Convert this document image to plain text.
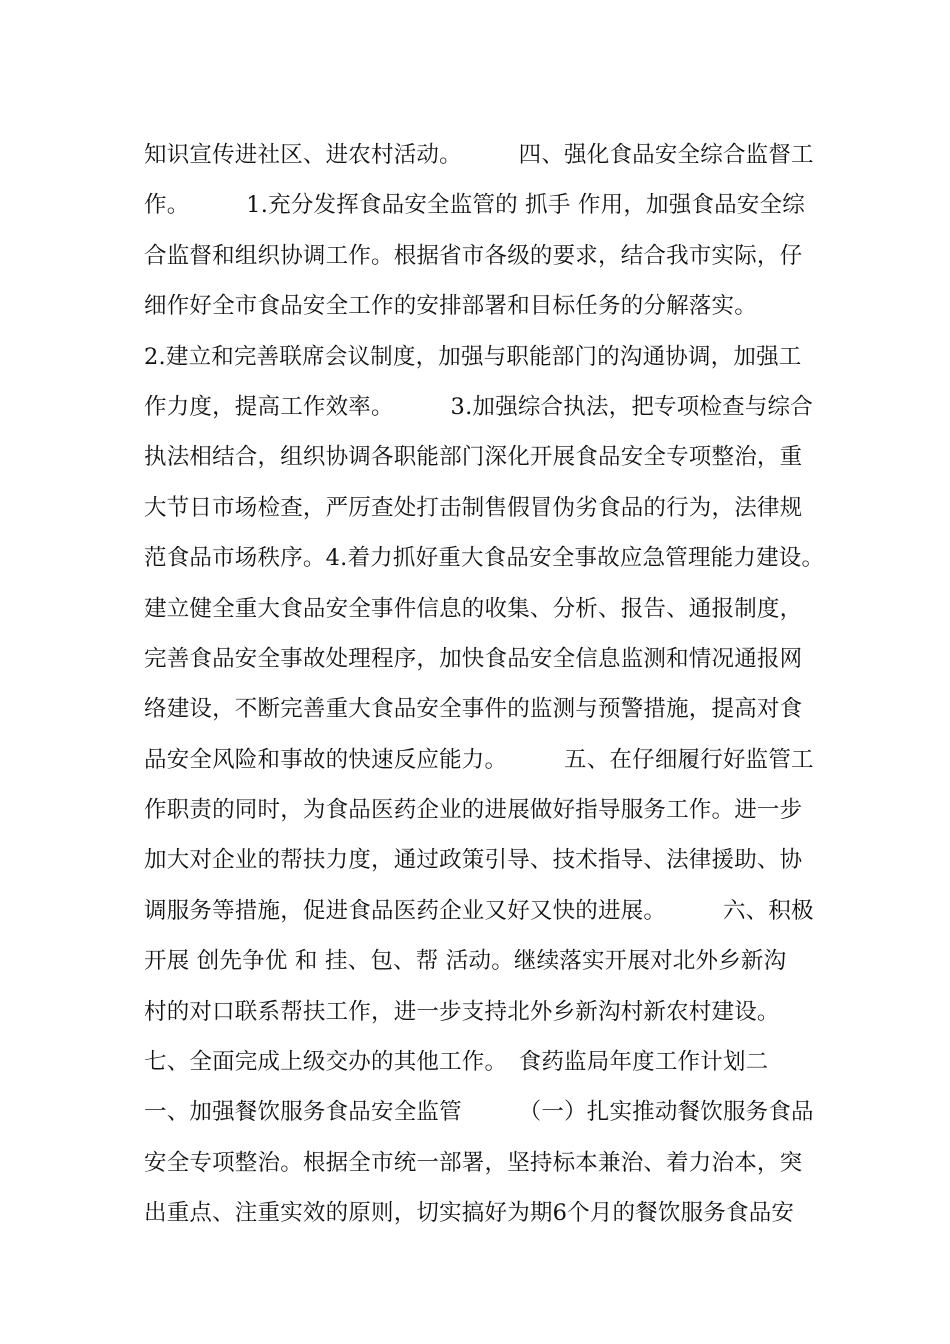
知识宣传进社区、进农村活动。　　　四、强化食品安全综合监督工
作。　　　1.充分发挥食品安全监管的 抓手 作用，加强食品安全综
合监督和组织协调工作。根据省市各级的要求，结合我市实际，仔
细作好全市食品安全工作的安排部署和目标任务的分解落实。
2.建立和完善联席会议制度，加强与职能部门的沟通协调，加强工
作力度，提高工作效率。　　　3.加强综合执法，把专项检查与综合
执法相结合，组织协调各职能部门深化开展食品安全专项整治，重
大节日市场检查，严厉查处打击制售假冒伪劣食品的行为，法律规
范食品市场秩序。4.着力抓好重大食品安全事故应急管理能力建设。
建立健全重大食品安全事件信息的收集、分析、报告、通报制度，
完善食品安全事故处理程序，加快食品安全信息监测和情况通报网
络建设，不断完善重大食品安全事件的监测与预警措施，提高对食
品安全风险和事故的快速反应能力。　　　五、在仔细履行好监管工
作职责的同时，为食品医药企业的进展做好指导服务工作。进一步
加大对企业的帮扶力度，通过政策引导、技术指导、法律援助、协
调服务等措施，促进食品医药企业又好又快的进展。　　　六、积极
开展 创先争优 和 挂、包、帮 活动。继续落实开展对北外乡新沟
村的对口联系帮扶工作，进一步支持北外乡新沟村新农村建设。
七、全面完成上级交办的其他工作。　食药监局年度工作计划二
一、加强餐饮服务食品安全监管　　　（一）扎实推动餐饮服务食品
安全专项整治。根据全市统一部署，坚持标本兼治、着力治本，突
出重点、注重实效的原则，切实搞好为期6个月的餐饮服务食品安
